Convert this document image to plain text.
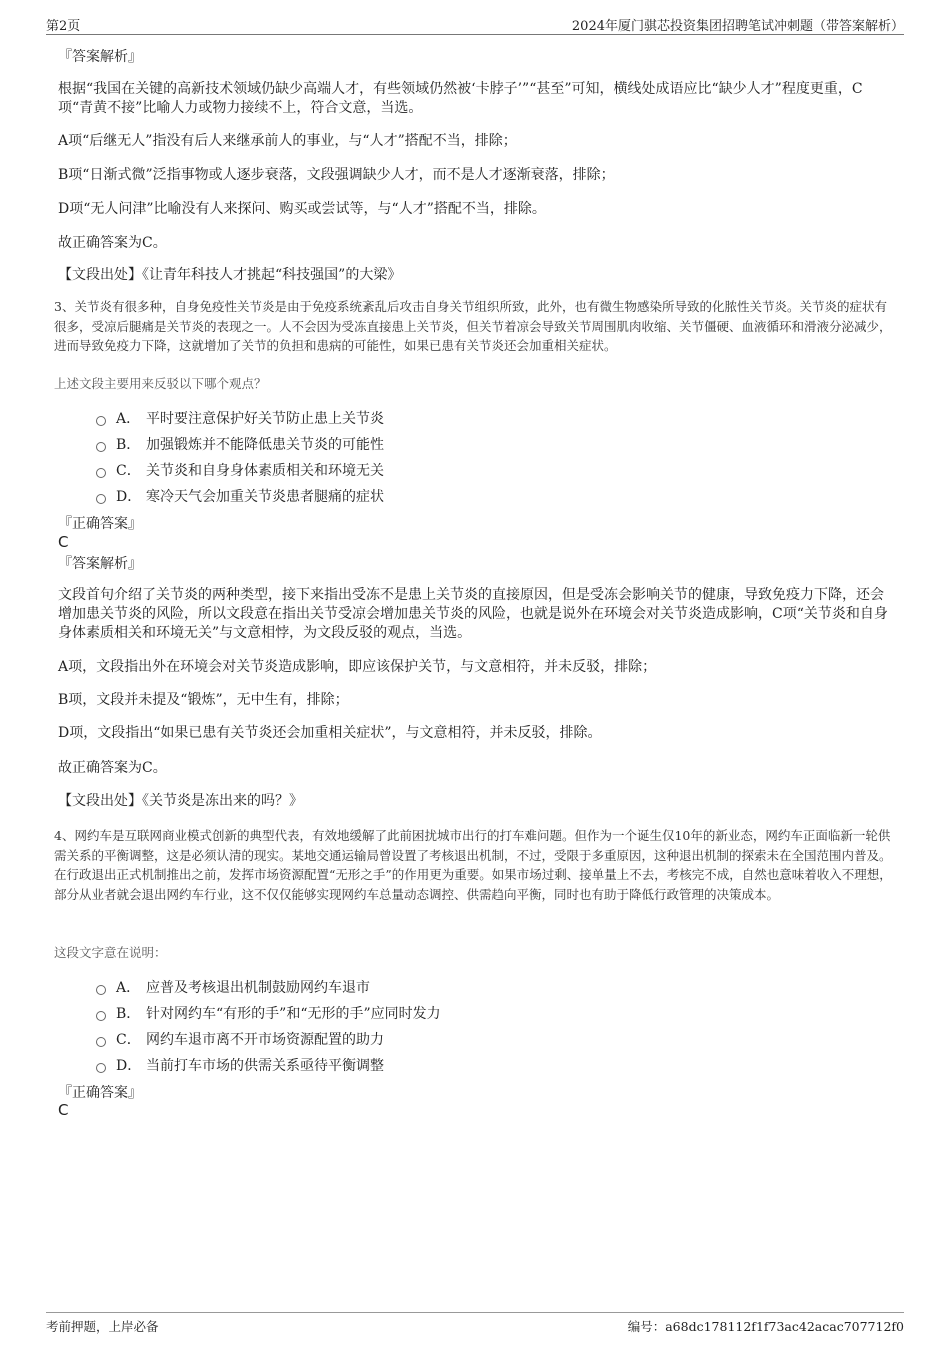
第2页	2024年厦门骐芯投资集团招聘笔试冲刺题（带答案解析）
『答案解析』
根据“我国在关键的高新技术领域仍缺少高端人才，有些领域仍然被‘卡脖子’”“甚至”可知，横线处成语应比“缺少人才”程度更重，C项“青黄不接”比喻人力或物力接续不上，符合文意，当选。
A项“后继无人”指没有后人来继承前人的事业，与“人才”搭配不当，排除；
B项“日渐式微”泛指事物或人逐步衰落，文段强调缺少人才，而不是人才逐渐衰落，排除；
D项“无人问津”比喻没有人来探问、购买或尝试等，与“人才”搭配不当，排除。
故正确答案为C。
【文段出处】《让青年科技人才挑起“科技强国”的大梁》
3、关节炎有很多种，自身免疫性关节炎是由于免疫系统紊乱后攻击自身关节组织所致，此外，也有微生物感染所导致的化脓性关节炎。关节炎的症状有很多，受凉后腿痛是关节炎的表现之一。人不会因为受冻直接患上关节炎，但关节着凉会导致关节周围肌肉收缩、关节僵硬、血液循环和滑液分泌减少，进而导致免疫力下降，这就增加了关节的负担和患病的可能性，如果已患有关节炎还会加重相关症状。
上述文段主要用来反驳以下哪个观点？
A． 平时要注意保护好关节防止患上关节炎
B． 加强锻炼并不能降低患关节炎的可能性
C． 关节炎和自身身体素质相关和环境无关
D． 寒冷天气会加重关节炎患者腿痛的症状
『正确答案』
C
『答案解析』
文段首句介绍了关节炎的两种类型，接下来指出受冻不是患上关节炎的直接原因，但是受冻会影响关节的健康，导致免疫力下降，还会增加患关节炎的风险，所以文段意在指出关节受凉会增加患关节炎的风险，也就是说外在环境会对关节炎造成影响，C项“关节炎和自身身体素质相关和环境无关”与文意相悖，为文段反驳的观点，当选。
A项，文段指出外在环境会对关节炎造成影响，即应该保护关节，与文意相符，并未反驳，排除；
B项，文段并未提及“锻炼”，无中生有，排除；
D项，文段指出“如果已患有关节炎还会加重相关症状”，与文意相符，并未反驳，排除。
故正确答案为C。
【文段出处】《关节炎是冻出来的吗？》
4、网约车是互联网商业模式创新的典型代表，有效地缓解了此前困扰城市出行的打车难问题。但作为一个诞生仅10年的新业态，网约车正面临新一轮供需关系的平衡调整，这是必须认清的现实。某地交通运输局曾设置了考核退出机制，不过，受限于多重原因，这种退出机制的探索未在全国范围内普及。在行政退出正式机制推出之前，发挥市场资源配置“无形之手”的作用更为重要。如果市场过剩、接单量上不去，考核完不成，自然也意味着收入不理想，部分从业者就会退出网约车行业，这不仅仅能够实现网约车总量动态调控、供需趋向平衡，同时也有助于降低行政管理的决策成本。
这段文字意在说明：
A． 应普及考核退出机制鼓励网约车退市
B． 针对网约车“有形的手”和“无形的手”应同时发力
C． 网约车退市离不开市场资源配置的助力
D． 当前打车市场的供需关系亟待平衡调整
『正确答案』
C
考前押题，上岸必备	编号：a68dc178112f1f73ac42acac707712f0
